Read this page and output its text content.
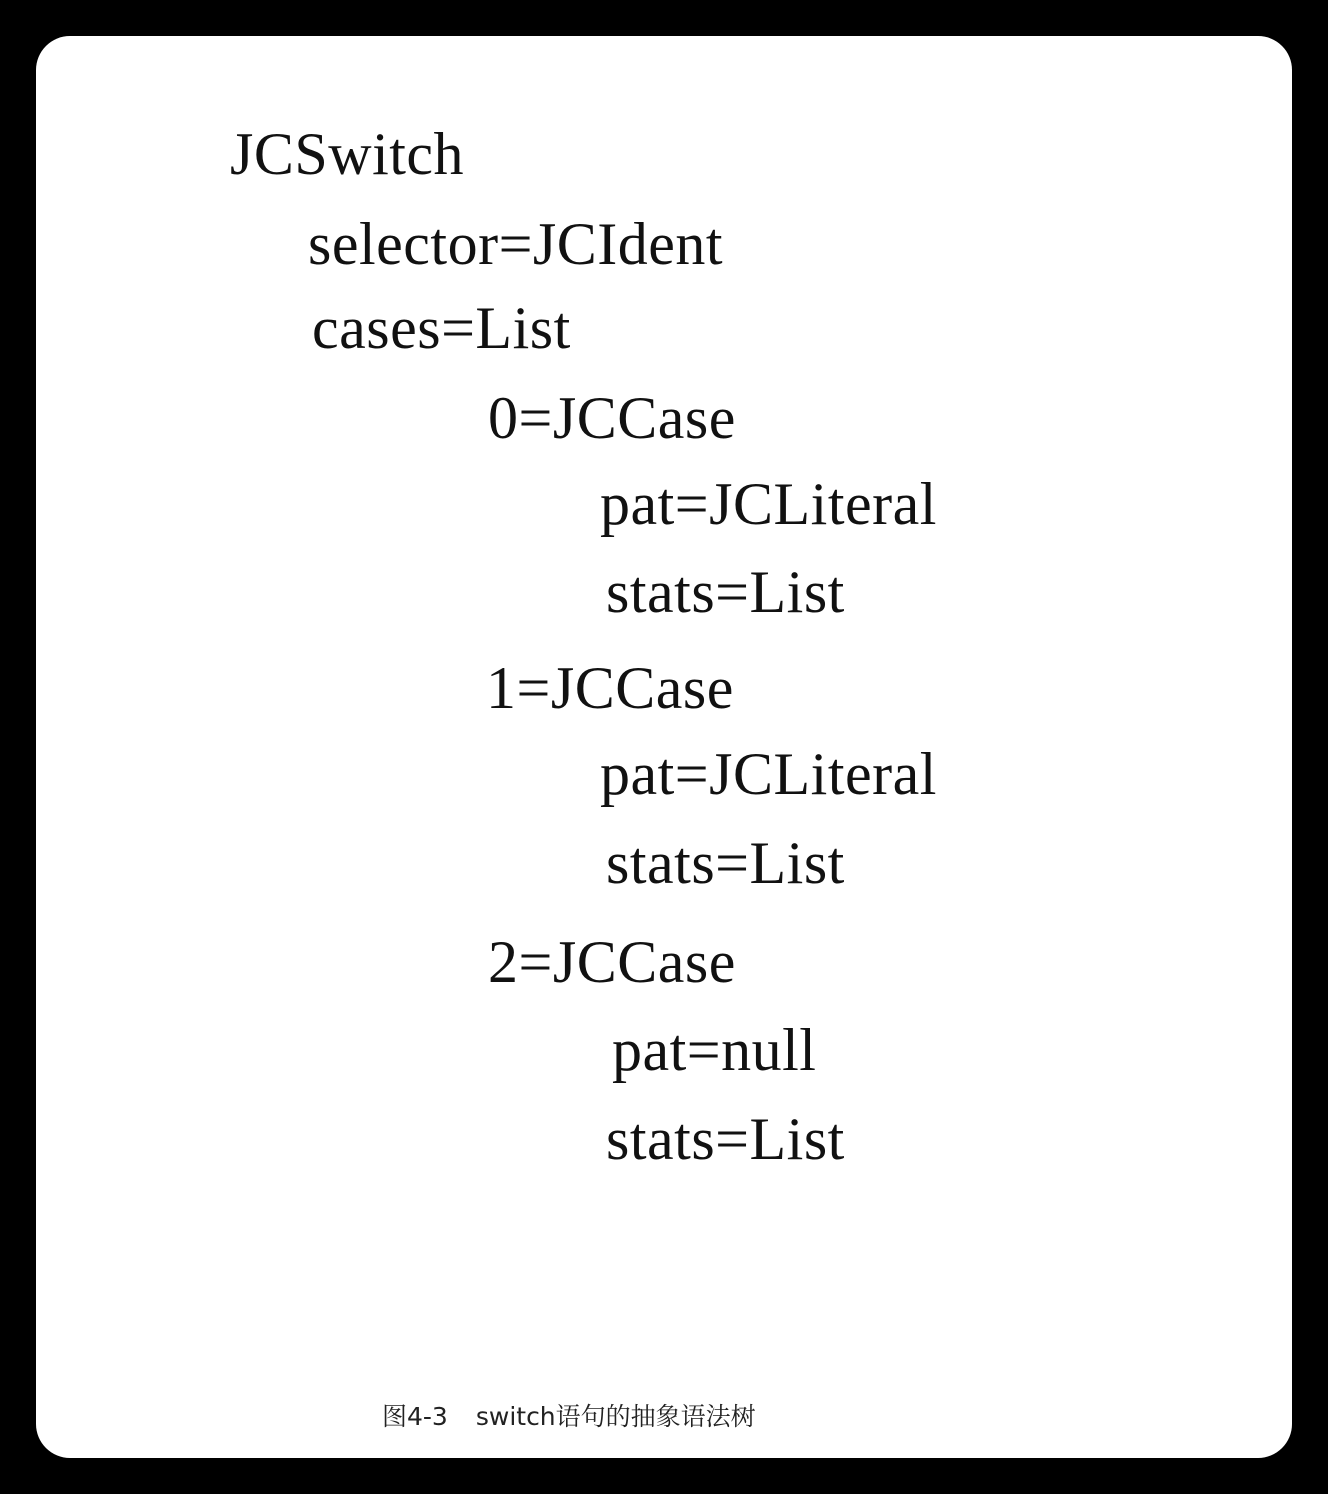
JCSwitch
selector=JCIdent
cases=List
0=JCCase
pat=JCLiteral
stats=List
1=JCCase
pat=JCLiteral
stats=List
2=JCCase
pat=null
stats=List
图4-3 switch语句的抽象语法树
